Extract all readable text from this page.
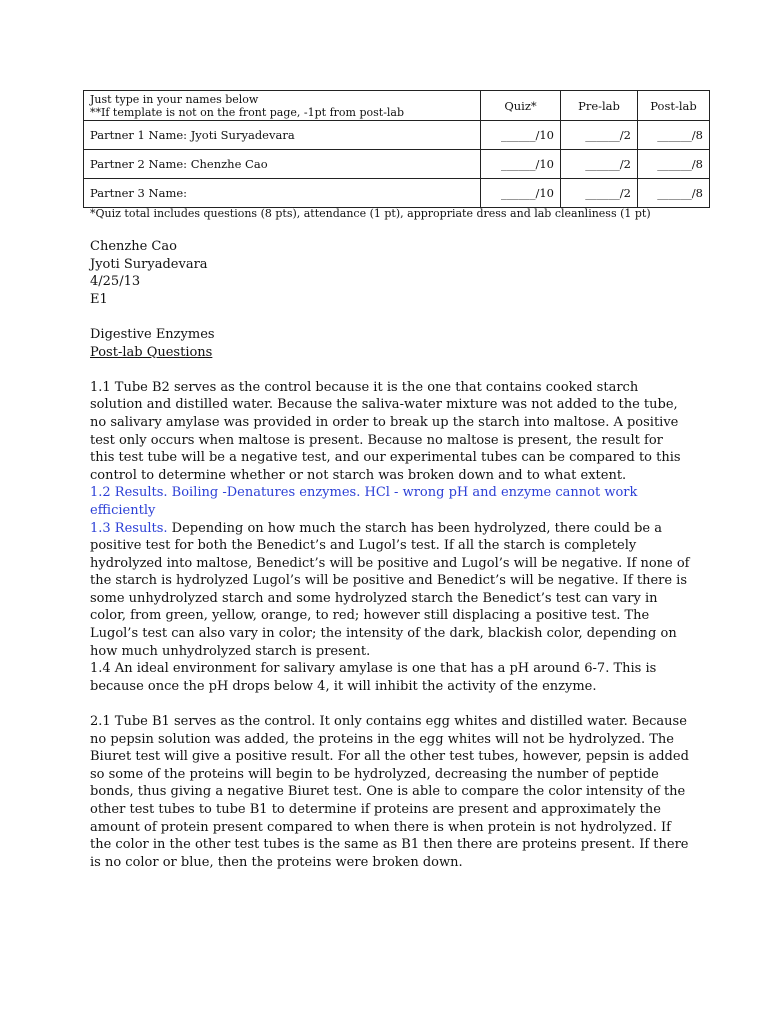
Just type in your names below
**If template is not on the front page, -1pt from post-lab	Quiz*	Pre-lab	Post-lab
Partner 1 Name: Jyoti Suryadevara	______/10	______/2	______/8
Partner 2 Name: Chenzhe Cao	______/10	______/2	______/8
Partner 3 Name:	______/10	______/2	______/8
*Quiz total includes questions (8 pts), attendance (1 pt), appropriate dress and lab cleanliness (1 pt)

Chenzhe Cao

Jyoti Suryadevara

4/25/13

E1

Digestive Enzymes

Post-lab Questions

1.1 Tube B2 serves as the control because it is the one that contains cooked starch solution and distilled water. Because the saliva-water mixture was not added to the tube, no salivary amylase was provided in order to break up the starch into maltose. A positive test only occurs when maltose is present. Because no maltose is present, the result for this test tube will be a negative test, and our experimental tubes can be compared to this control to determine whether or not starch was broken down and to what extent.

1.2 Results. Boiling -Denatures enzymes. HCl - wrong pH and enzyme cannot work efficiently

1.3 Results. Depending on how much the starch has been hydrolyzed, there could be a positive test for both the Benedict’s and Lugol’s test. If all the starch is completely hydrolyzed into maltose, Benedict’s will be positive and Lugol’s will be negative. If none of the starch is hydrolyzed Lugol’s will be positive and Benedict’s will be negative. If there is some unhydrolyzed starch and some hydrolyzed starch the Benedict’s test can vary in color, from green, yellow, orange, to red; however still displacing a positive test. The Lugol’s test can also vary in color; the intensity of the dark, blackish color, depending on how much unhydrolyzed starch is present.

1.4 An ideal environment for salivary amylase is one that has a pH around 6-7. This is because once the pH drops below 4, it will inhibit the activity of the enzyme.

2.1 Tube B1 serves as the control. It only contains egg whites and distilled water. Because no pepsin solution was added, the proteins in the egg whites will not be hydrolyzed. The Biuret test will give a positive result. For all the other test tubes, however, pepsin is added so some of the proteins will begin to be hydrolyzed, decreasing the number of peptide bonds, thus giving a negative Biuret test. One is able to compare the color intensity of the other test tubes to tube B1 to determine if proteins are present and approximately the amount of protein present compared to when there is when protein is not hydrolyzed. If the color in the other test tubes is the same as B1 then there are proteins present. If there is no color or blue, then the proteins were broken down.
